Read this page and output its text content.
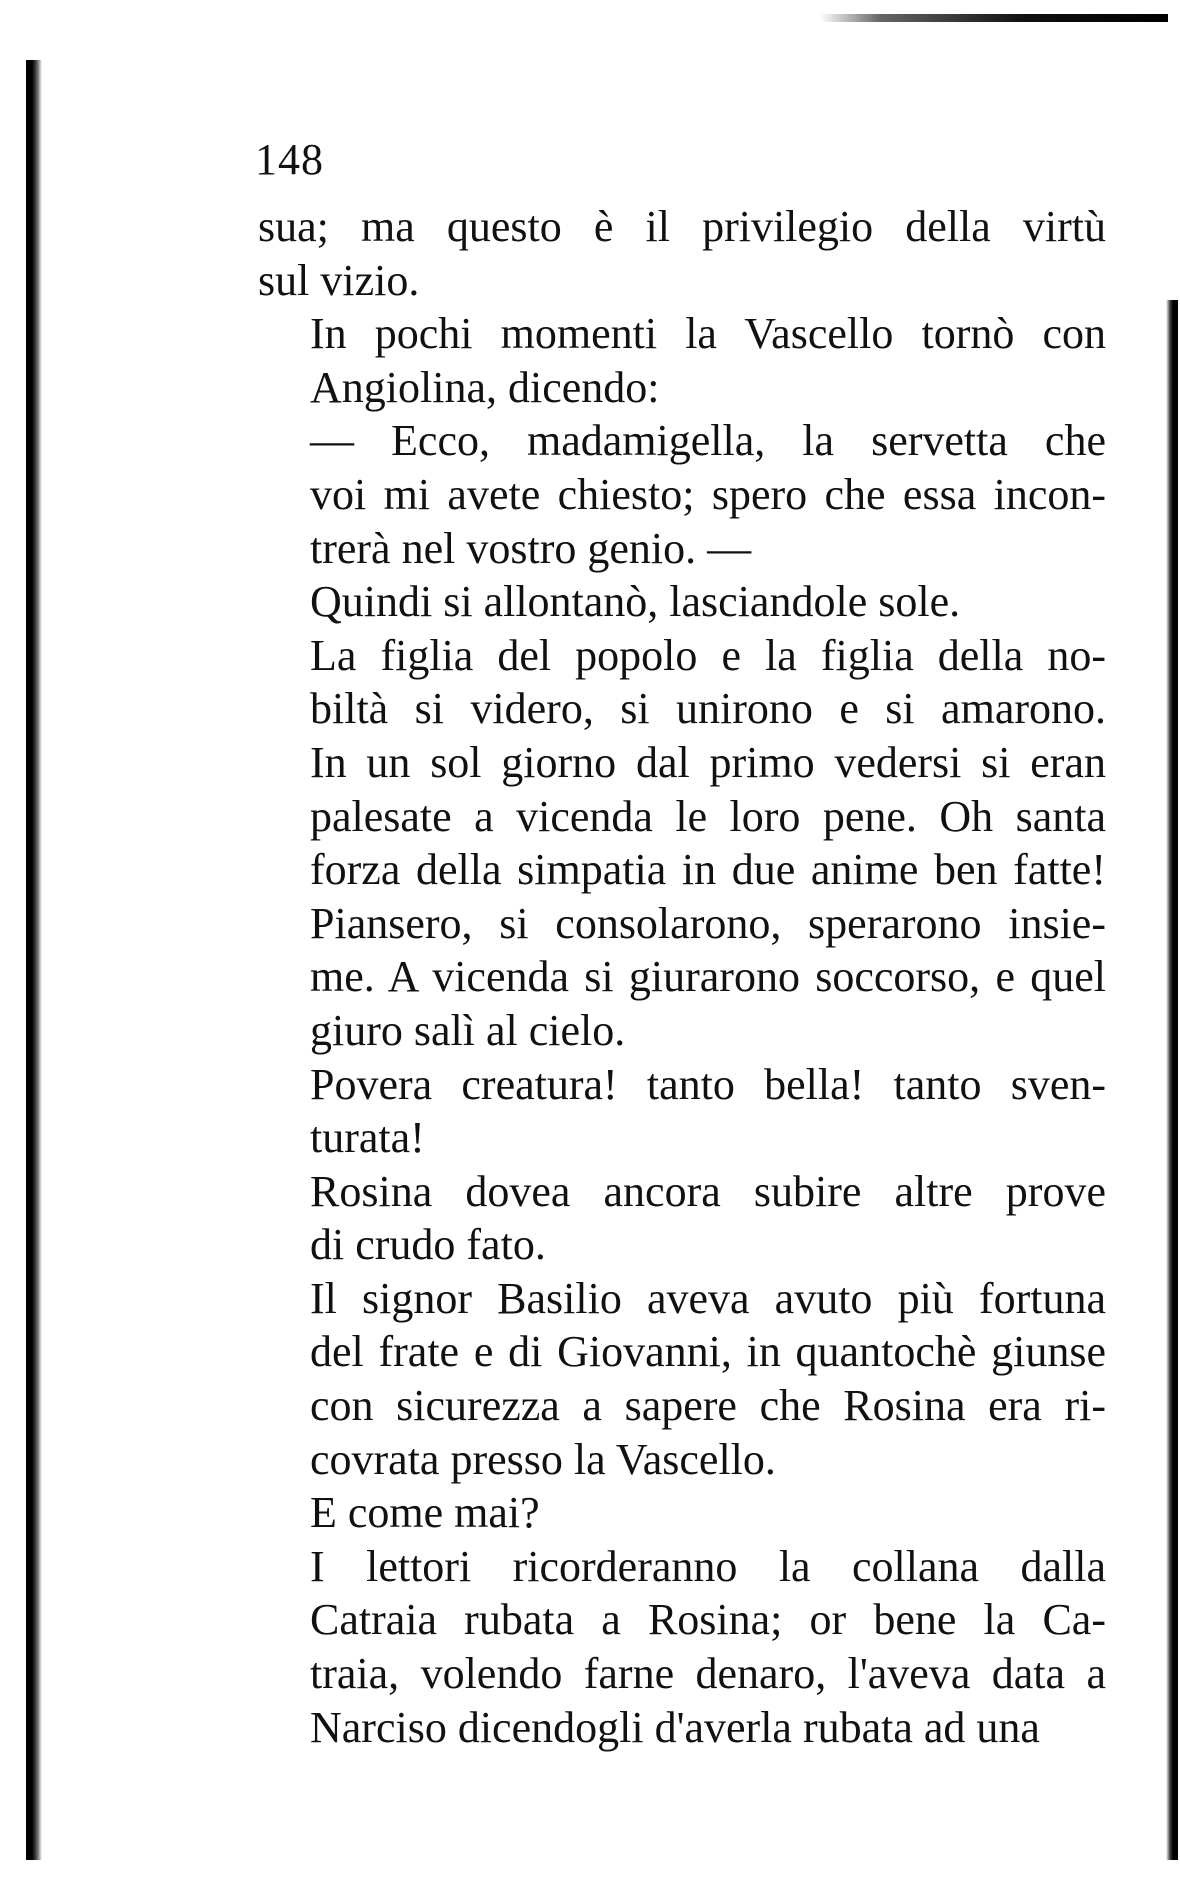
148

sua; ma questo è il privilegio della virtù
sul vizio.

In pochi momenti la Vascello tornò con
Angiolina, dicendo:

— Ecco, madamigella, la servetta che
voi mi avete chiesto; spero che essa incon-
trerà nel vostro genio. —

Quindi si allontanò, lasciandole sole.

La figlia del popolo e la figlia della no-
biltà si videro, si unirono e si amarono.
In un sol giorno dal primo vedersi si eran
palesate a vicenda le loro pene. Oh santa
forza della simpatia in due anime ben fatte!
Piansero, si consolarono, sperarono insie-
me. A vicenda si giurarono soccorso, e quel
giuro salì al cielo.

Povera creatura! tanto bella! tanto sven-
turata!

Rosina dovea ancora subire altre prove
di crudo fato.

Il signor Basilio aveva avuto più fortuna
del frate e di Giovanni, in quantochè giunse
con sicurezza a sapere che Rosina era ri-
covrata presso la Vascello.

E come mai?

I lettori ricorderanno la collana dalla
Catraia rubata a Rosina; or bene la Ca-
traia, volendo farne denaro, l'aveva data a
Narciso dicendogli d'averla rubata ad una
